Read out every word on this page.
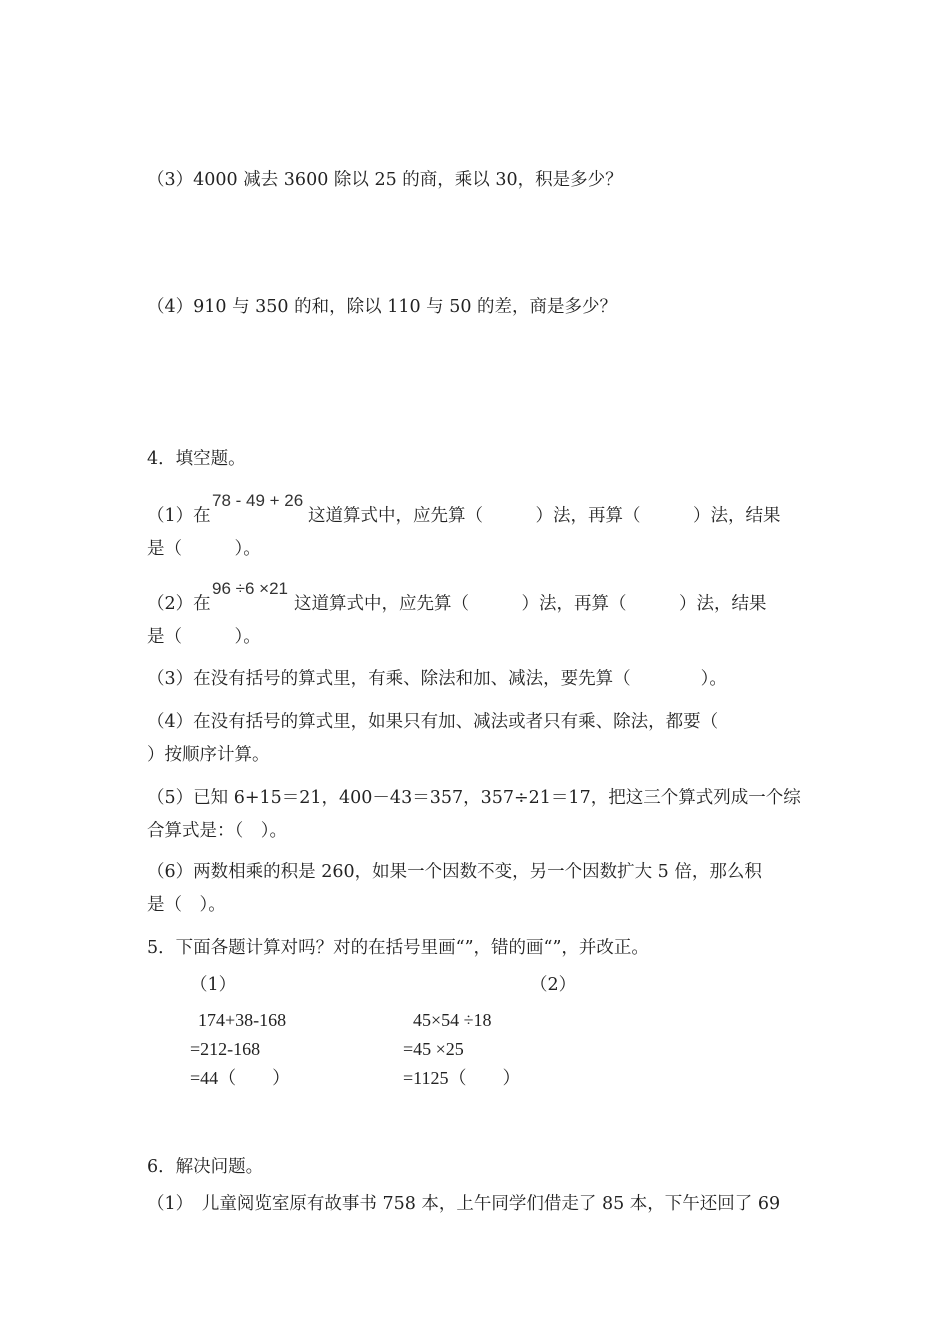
（3）4000 减去 3600 除以 25 的商，乘以 30，积是多少？
（4）910 与 350 的和，除以 110 与 50 的差，商是多少？
4．填空题。
（1）在
78 - 49 + 26
这道算式中，应先算（　　　）法，再算（　　　）法，结果
是（　　　）。
（2）在
96 ÷6 ×21
这道算式中，应先算（　　　）法，再算（　　　）法，结果
是（　　　）。
（3）在没有括号的算式里，有乘、除法和加、减法，要先算（　　　　）。
（4）在没有括号的算式里，如果只有加、减法或者只有乘、除法，都要（
）按顺序计算。
（5）已知 6+15＝21，400－43＝357，357÷21＝17，把这三个算式列成一个综
合算式是：（　）。
（6）两数相乘的积是 260，如果一个因数不变，另一个因数扩大 5 倍，那么积
是（　）。
5．下面各题计算对吗？对的在括号里画“”，错的画“”，并改正。
（1）
174+38-168
=212-168
=44（　　）
（2）
45×54 ÷18
=45 ×25
=1125（　　）
6．解决问题。
（1）　儿童阅览室原有故事书 758 本，上午同学们借走了 85 本，下午还回了 69
